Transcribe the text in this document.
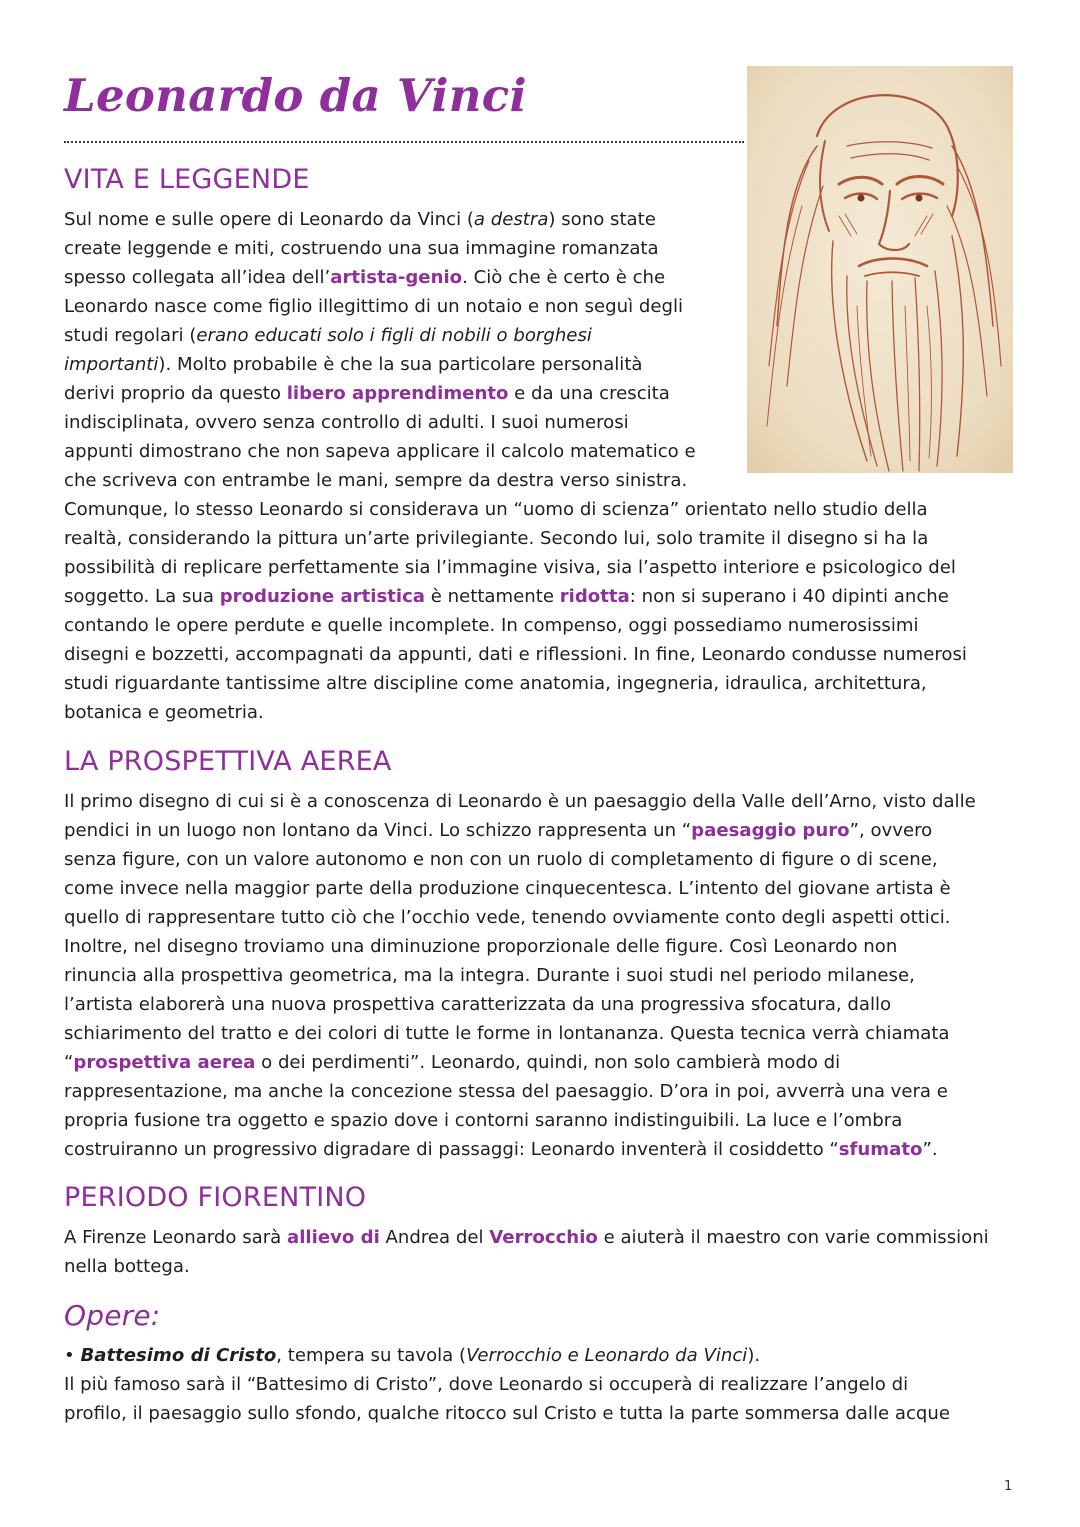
Leonardo da Vinci
VITA E LEGGENDE

Sul nome e sulle opere di Leonardo da Vinci (a destra) sono state
create leggende e miti, costruendo una sua immagine romanzata
spesso collegata all’idea dell’artista-genio. Ciò che è certo è che
Leonardo nasce come figlio illegittimo di un notaio e non seguì degli
studi regolari (erano educati solo i figli di nobili o borghesi
importanti). Molto probabile è che la sua particolare personalità
derivi proprio da questo libero apprendimento e da una crescita
indisciplinata, ovvero senza controllo di adulti. I suoi numerosi
appunti dimostrano che non sapeva applicare il calcolo matematico e
che scriveva con entrambe le mani, sempre da destra verso sinistra.
Comunque, lo stesso Leonardo si considerava un “uomo di scienza” orientato nello studio della
realtà, considerando la pittura un’arte privilegiante. Secondo lui, solo tramite il disegno si ha la
possibilità di replicare perfettamente sia l’immagine visiva, sia l’aspetto interiore e psicologico del
soggetto. La sua produzione artistica è nettamente ridotta: non si superano i 40 dipinti anche
contando le opere perdute e quelle incomplete. In compenso, oggi possediamo numerosissimi
disegni e bozzetti, accompagnati da appunti, dati e riflessioni. In fine, Leonardo condusse numerosi
studi riguardante tantissime altre discipline come anatomia, ingegneria, idraulica, architettura,
botanica e geometria.

LA PROSPETTIVA AEREA

Il primo disegno di cui si è a conoscenza di Leonardo è un paesaggio della Valle dell’Arno, visto dalle
pendici in un luogo non lontano da Vinci. Lo schizzo rappresenta un “paesaggio puro”, ovvero
senza figure, con un valore autonomo e non con un ruolo di completamento di figure o di scene,
come invece nella maggior parte della produzione cinquecentesca. L’intento del giovane artista è
quello di rappresentare tutto ciò che l’occhio vede, tenendo ovviamente conto degli aspetti ottici.
Inoltre, nel disegno troviamo una diminuzione proporzionale delle figure. Così Leonardo non
rinuncia alla prospettiva geometrica, ma la integra. Durante i suoi studi nel periodo milanese,
l’artista elaborerà una nuova prospettiva caratterizzata da una progressiva sfocatura, dallo
schiarimento del tratto e dei colori di tutte le forme in lontananza. Questa tecnica verrà chiamata
“prospettiva aerea o dei perdimenti”. Leonardo, quindi, non solo cambierà modo di
rappresentazione, ma anche la concezione stessa del paesaggio. D’ora in poi, avverrà una vera e
propria fusione tra oggetto e spazio dove i contorni saranno indistinguibili. La luce e l’ombra
costruiranno un progressivo digradare di passaggi: Leonardo inventerà il cosiddetto “sfumato”.

PERIODO FIORENTINO

A Firenze Leonardo sarà allievo di Andrea del Verrocchio e aiuterà il maestro con varie commissioni
nella bottega.

Opere:

• Battesimo di Cristo, tempera su tavola (Verrocchio e Leonardo da Vinci).
Il più famoso sarà il “Battesimo di Cristo”, dove Leonardo si occuperà di realizzare l’angelo di
profilo, il paesaggio sullo sfondo, qualche ritocco sul Cristo e tutta la parte sommersa dalle acque

1
